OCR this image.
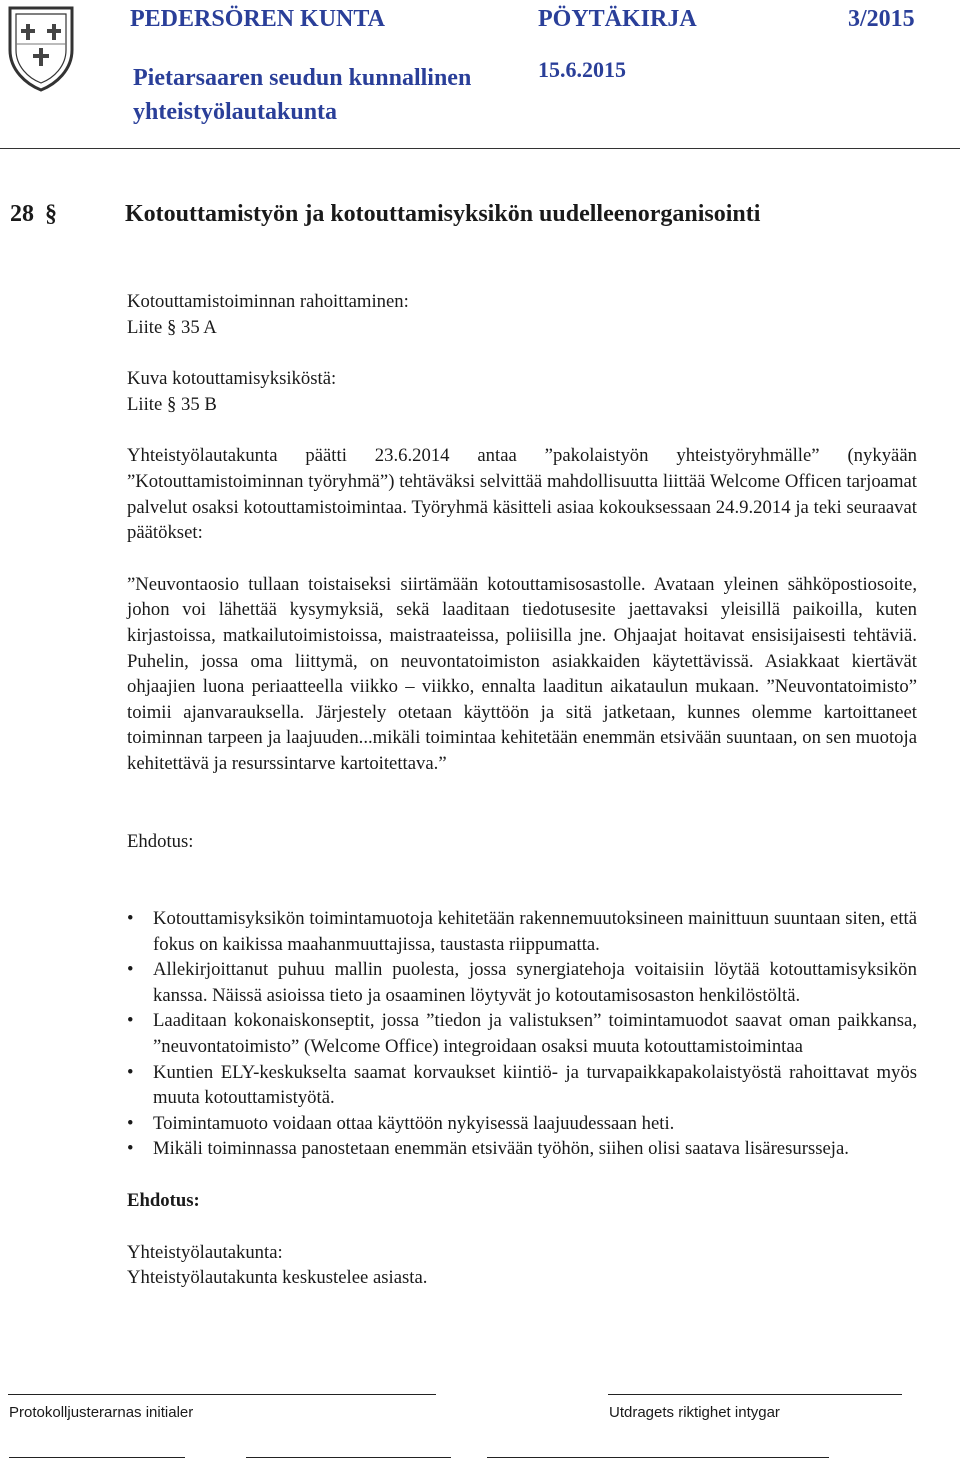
PEDERSÖREN KUNTA
Pietarsaaren seudun kunnallinen
yhteistyölautakunta
PÖYTÄKIRJA	3/2015
15.6.2015
28 §	Kotouttamistyön ja kotouttamisyksikön uudelleenorganisointi

Kotouttamistoiminnan rahoittaminen:

Liite § 35 A

Kuva kotouttamisyksiköstä:

Liite § 35 B

Yhteistyölautakunta päätti 23.6.2014 antaa ”pakolaistyön yhteistyöryhmälle” (nykyään ”Kotouttamistoiminnan työryhmä”) tehtäväksi selvittää mahdollisuutta liittää Welcome Officen tarjoamat palvelut osaksi kotouttamistoimintaa. Työryhmä käsitteli asiaa kokouksessaan 24.9.2014 ja teki seuraavat päätökset:

”Neuvontaosio tullaan toistaiseksi siirtämään kotouttamisosastolle. Avataan yleinen sähköpostiosoite, johon voi lähettää kysymyksiä, sekä laaditaan tiedotusesite jaettavaksi yleisillä paikoilla, kuten kirjastoissa, matkailutoimistoissa, maistraateissa, poliisilla jne. Ohjaajat hoitavat ensisijaisesti tehtäviä. Puhelin, jossa oma liittymä, on neuvontatoimiston asiakkaiden käytettävissä. Asiakkaat kiertävät ohjaajien luona periaatteella viikko – viikko, ennalta laaditun aikataulun mukaan. ”Neuvontatoimisto” toimii ajanvarauksella. Järjestely otetaan käyttöön ja sitä jatketaan, kunnes olemme kartoittaneet toiminnan tarpeen ja laajuuden...mikäli toimintaa kehitetään enemmän etsivään suuntaan, on sen muotoja kehitettävä ja resurssintarve kartoitettava.”

Ehdotus:

• Kotouttamisyksikön toimintamuotoja kehitetään rakennemuutoksineen mainittuun suuntaan siten, että fokus on kaikissa maahanmuuttajissa, taustasta riippumatta.
• Allekirjoittanut puhuu mallin puolesta, jossa synergiatehoja voitaisiin löytää kotouttamisyksikön kanssa. Näissä asioissa tieto ja osaaminen löytyvät jo kotoutamisosaston henkilöstöltä.
• Laaditaan kokonaiskonseptit, jossa ”tiedon ja valistuksen” toimintamuodot saavat oman paikkansa, ”neuvontatoimisto” (Welcome Office) integroidaan osaksi muuta kotouttamistoimintaa
• Kuntien ELY-keskukselta saamat korvaukset kiintiö- ja turvapaikkapakolaistyöstä rahoittavat myös muuta kotouttamistyötä.
• Toimintamuoto voidaan ottaa käyttöön nykyisessä laajuudessaan heti.
• Mikäli toiminnassa panostetaan enemmän etsivään työhön, siihen olisi saatava lisäresursseja.

Ehdotus:

Yhteistyölautakunta:

Yhteistyölautakunta keskustelee asiasta.

Protokolljusterarnas initialer	Utdragets riktighet intygar
